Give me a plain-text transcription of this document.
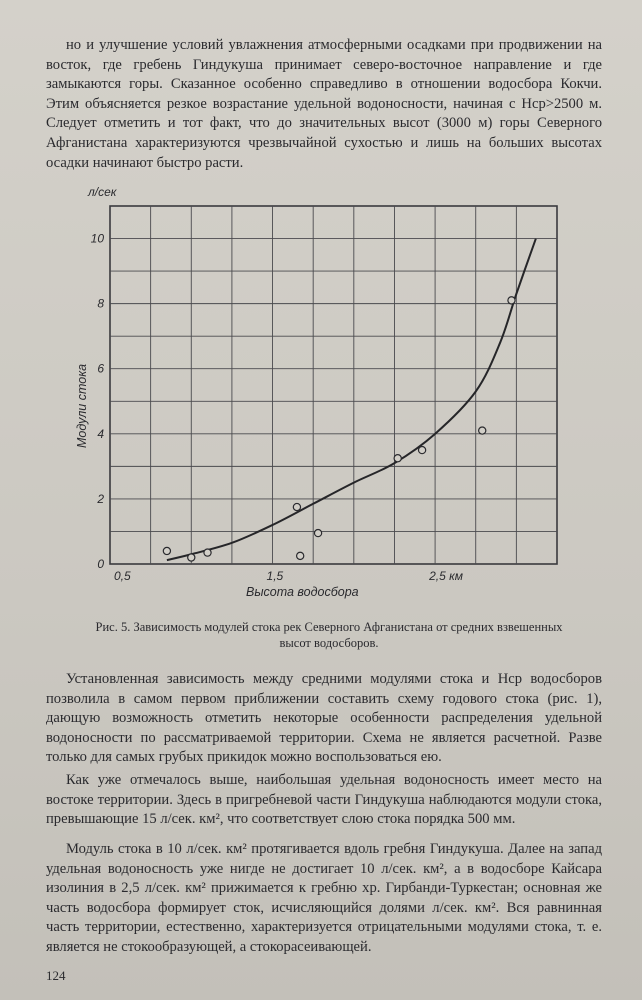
но и улучшение условий увлажнения атмосферными осадками при продвижении на восток, где гребень Гиндукуша принимает северо-восточное направление и где замыкаются горы. Сказанное особенно справедливо в отношении водосбора Кокчи. Этим объясняется резкое возрастание удельной водоносности, начиная с Hср>2500 м. Следует отметить и тот факт, что до значительных высот (3000 м) горы Северного Афганистана характеризуются чрезвычайной сухостью и лишь на больших высотах осадки начинают быстро расти.

0
2
4
6
8
10
0,5	1,5	2,5 км
л/сек
Модули стока
Высота водосбора

Рис. 5. Зависимость модулей стока рек Северного Афганистана от средних взвешенных высот водосборов.

Установленная зависимость между средними модулями стока и Hср водосборов позволила в самом первом приближении составить схему годового стока (рис. 1), дающую возможность отметить некоторые особенности распределения удельной водоносности по рассматриваемой территории. Схема не является расчетной. Разве только для самых грубых прикидок можно воспользоваться ею.

Как уже отмечалось выше, наибольшая удельная водоносность имеет место на востоке территории. Здесь в пригребневой части Гиндукуша наблюдаются модули стока, превышающие 15 л/сек. км², что соответствует слою стока порядка 500 мм.

Модуль стока в 10 л/сек. км² протягивается вдоль гребня Гиндукуша. Далее на запад удельная водоносность уже нигде не достигает 10 л/сек. км², а в водосборе Кайсара изолиния в 2,5 л/сек. км² прижимается к гребню хр. Гирбанди-Туркестан; основная же часть водосбора формирует сток, исчисляющийся долями л/сек. км². Вся равнинная часть территории, естественно, характеризуется отрицательными модулями стока, т. е. является не стокообразующей, а стокорасеивающей.

124
